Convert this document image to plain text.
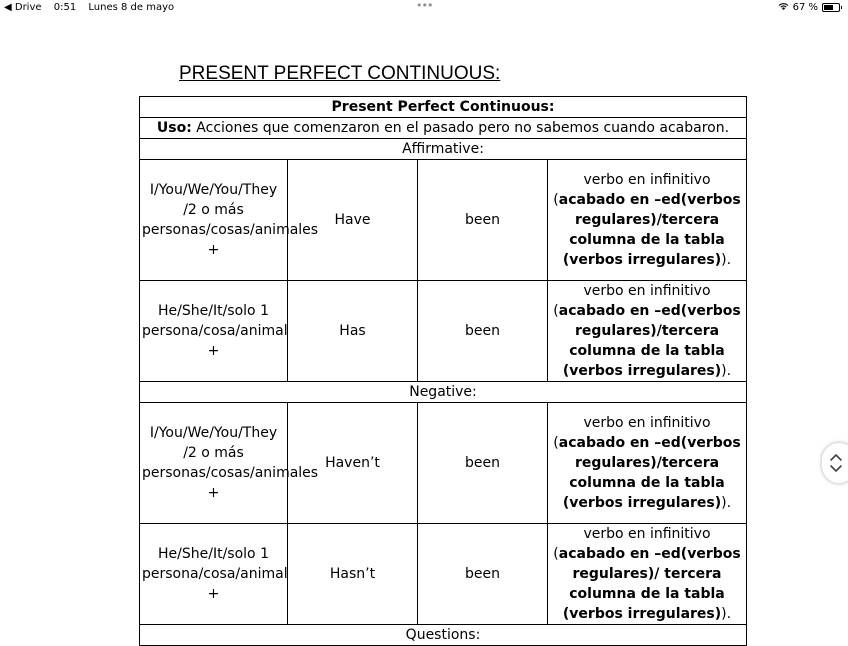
◀ Drive 0:51 Lunes 8 de mayo	•••	67 %
PRESENT PERFECT CONTINUOUS:
Present Perfect Continuous:			
Uso: Acciones que comenzaron en el pasado pero no sabemos cuando acabaron.			
Affirmative:			
I/You/We/You/They /2 o más personas/cosas/animales +	Have	been	verbo en infinitivo (acabado en –ed(verbos regulares)/tercera columna de la tabla (verbos irregulares)).
He/She/It/solo 1 persona/cosa/animal +	Has	been	verbo en infinitivo (acabado en –ed(verbos regulares)/tercera columna de la tabla (verbos irregulares)).
Negative:			
I/You/We/You/They /2 o más personas/cosas/animales +	Haven’t	been	verbo en infinitivo (acabado en –ed(verbos regulares)/tercera columna de la tabla (verbos irregulares)).
He/She/It/solo 1 persona/cosa/animal +	Hasn’t	been	verbo en infinitivo (acabado en –ed(verbos regulares)/ tercera columna de la tabla (verbos irregulares)).
Questions:			
